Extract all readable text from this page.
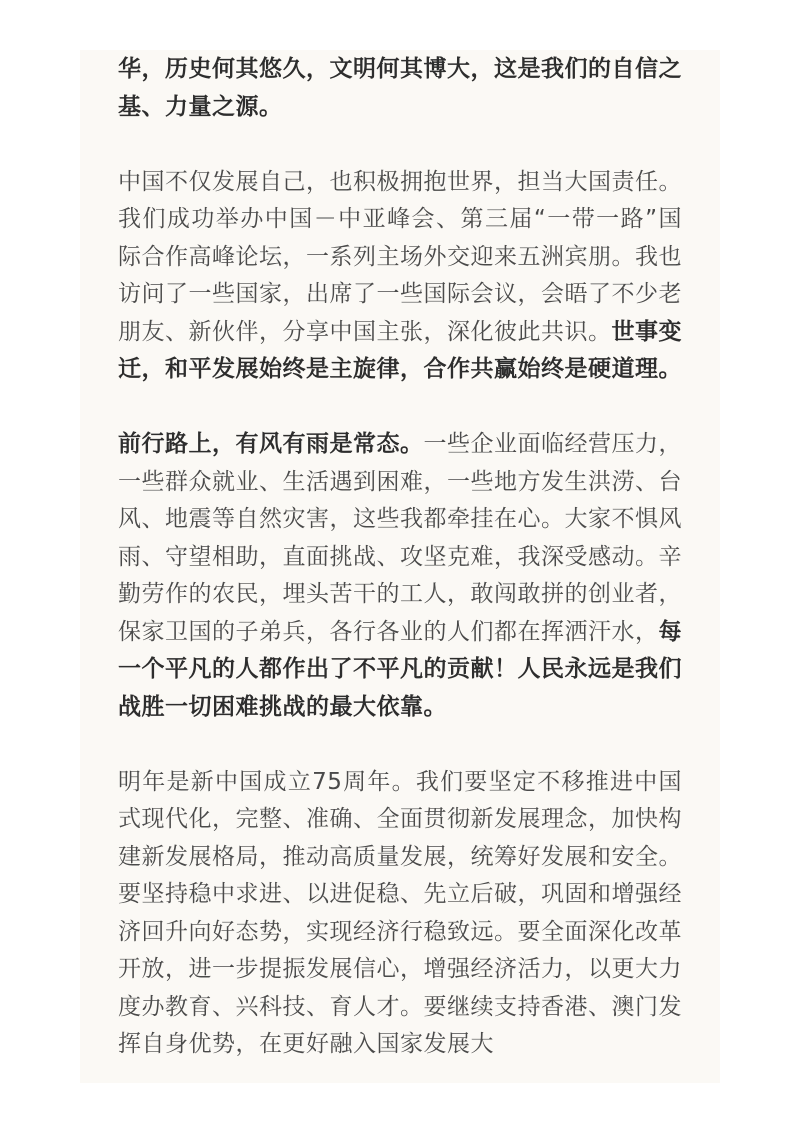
华，历史何其悠久，文明何其博大，这是我们的自信之基、力量之源。

中国不仅发展自己，也积极拥抱世界，担当大国责任。我们成功举办中国－中亚峰会、第三届“一带一路”国际合作高峰论坛，一系列主场外交迎来五洲宾朋。我也访问了一些国家，出席了一些国际会议，会晤了不少老朋友、新伙伴，分享中国主张，深化彼此共识。世事变迁，和平发展始终是主旋律，合作共赢始终是硬道理。

前行路上，有风有雨是常态。一些企业面临经营压力，一些群众就业、生活遇到困难，一些地方发生洪涝、台风、地震等自然灾害，这些我都牵挂在心。大家不惧风雨、守望相助，直面挑战、攻坚克难，我深受感动。辛勤劳作的农民，埋头苦干的工人，敢闯敢拼的创业者，保家卫国的子弟兵，各行各业的人们都在挥洒汗水，每一个平凡的人都作出了不平凡的贡献！人民永远是我们战胜一切困难挑战的最大依靠。

明年是新中国成立75周年。我们要坚定不移推进中国式现代化，完整、准确、全面贯彻新发展理念，加快构建新发展格局，推动高质量发展，统筹好发展和安全。要坚持稳中求进、以进促稳、先立后破，巩固和增强经济回升向好态势，实现经济行稳致远。要全面深化改革开放，进一步提振发展信心，增强经济活力，以更大力度办教育、兴科技、育人才。要继续支持香港、澳门发挥自身优势，在更好融入国家发展大
